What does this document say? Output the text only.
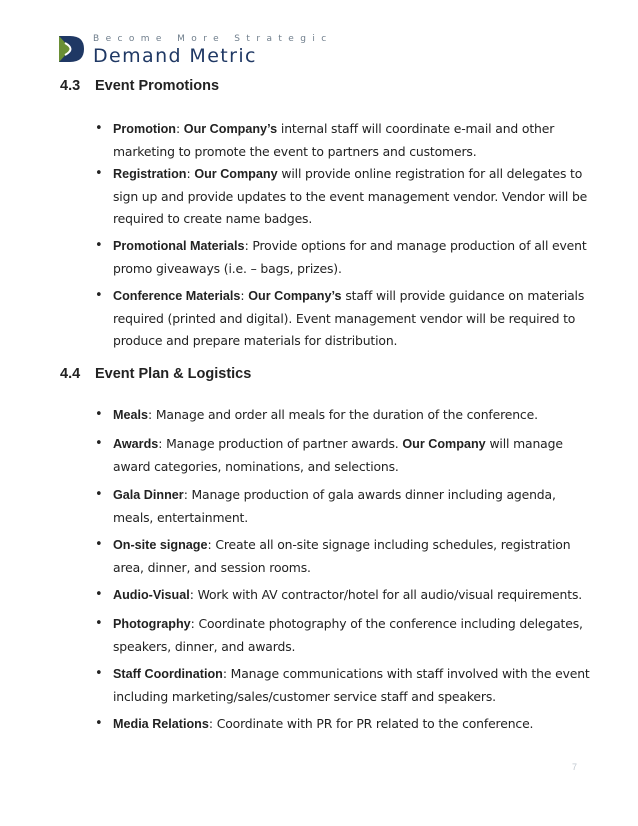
Become More Strategic
Demand Metric
4.3	Event Promotions
• Promotion: Our Company’s internal staff will coordinate e-mail and other marketing to promote the event to partners and customers.
• Registration: Our Company will provide online registration for all delegates to sign up and provide updates to the event management vendor. Vendor will be required to create name badges.
• Promotional Materials: Provide options for and manage production of all event promo giveaways (i.e. – bags, prizes).
• Conference Materials: Our Company’s staff will provide guidance on materials required (printed and digital). Event management vendor will be required to produce and prepare materials for distribution.
4.4	Event Plan & Logistics
• Meals: Manage and order all meals for the duration of the conference.
• Awards: Manage production of partner awards. Our Company will manage award categories, nominations, and selections.
• Gala Dinner: Manage production of gala awards dinner including agenda, meals, entertainment.
• On-site signage: Create all on-site signage including schedules, registration area, dinner, and session rooms.
• Audio-Visual: Work with AV contractor/hotel for all audio/visual requirements.
• Photography: Coordinate photography of the conference including delegates, speakers, dinner, and awards.
• Staff Coordination: Manage communications with staff involved with the event including marketing/sales/customer service staff and speakers.
• Media Relations: Coordinate with PR for PR related to the conference.
7
